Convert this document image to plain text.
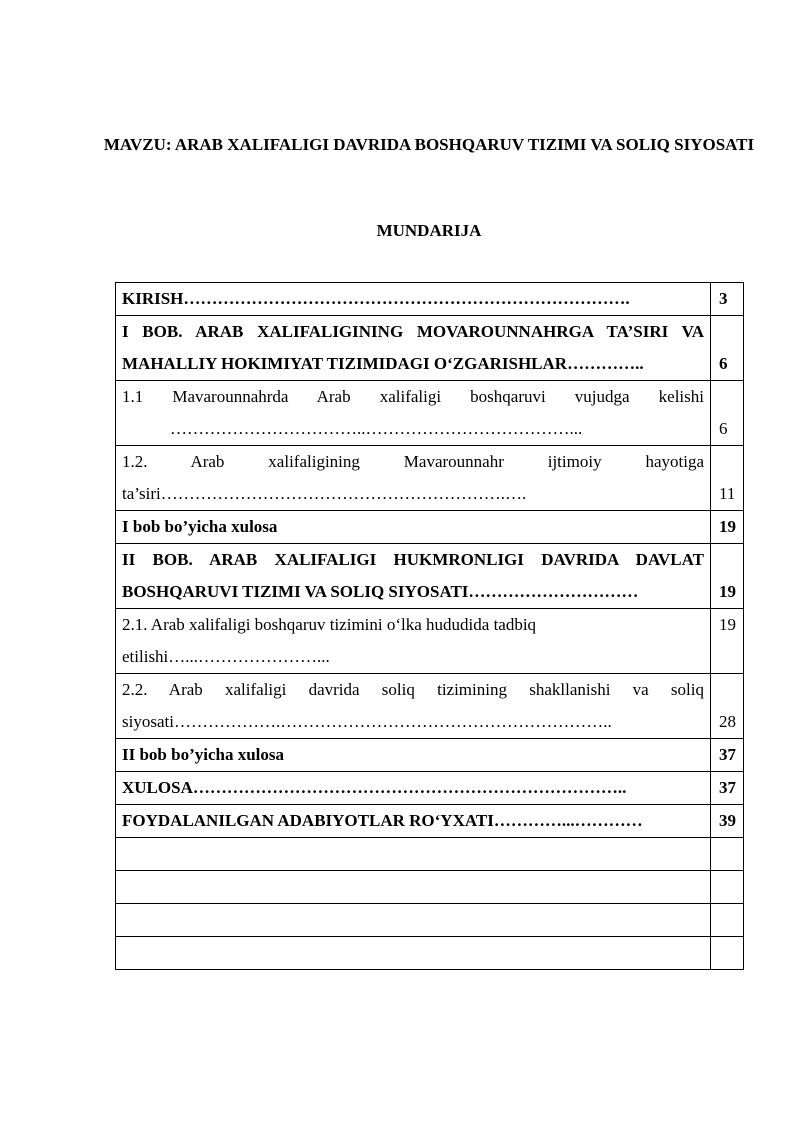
MAVZU: ARAB XALIFALIGI DAVRIDA BOSHQARUV TIZIMI VA SOLIQ SIYOSATI
MUNDARIJA
KIRISH…………………………………………………………………….	3
I BOB. ARAB XALIFALIGINING MOVAROUNNAHRGA TA’SIRI VA MAHALLIY HOKIMIYAT TIZIMIDAGI O‘ZGARISHLAR…………..	6

1.1 Mavarounnahrda Arab xalifaligi boshqaruvi vujudga kelishi
……………………………..………………………………...	6
1.2. Arab xalifaligining Mavarounnahr ijtimoiy hayotiga ta’siri…………………………………………………….….	11
I bob bo’yicha xulosa	19
II BOB. ARAB XALIFALIGI HUKMRONLIGI DAVRIDA DAVLAT BOSHQARUVI TIZIMI VA SOLIQ SIYOSATI…………………………	19

2.1. Arab xalifaligi boshqaruv tizimini o‘lka hududida tadbiq
etilishi…...…………………...	19
2.2. Arab xalifaligi davrida soliq tizimining shakllanishi va soliq siyosati……………….…………………………………………………..	28
II bob bo’yicha xulosa	37
XULOSA…………………………………………………………………..	37
FOYDALANILGAN ADABIYOTLAR RO‘YXATI…………...…………	39
